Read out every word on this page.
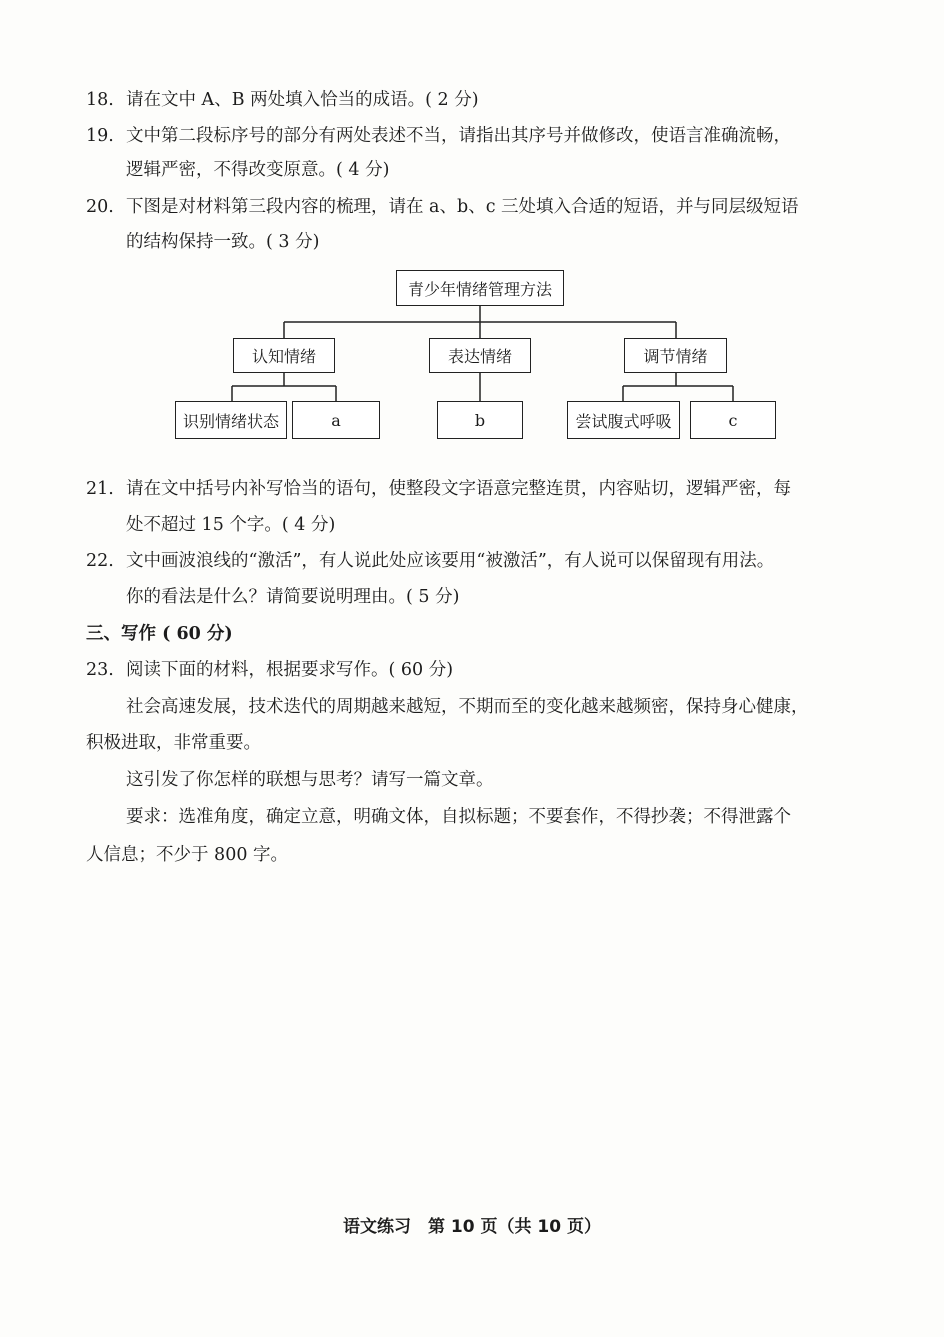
18. 请在文中 A、B 两处填入恰当的成语。( 2 分)
19. 文中第二段标序号的部分有两处表述不当，请指出其序号并做修改，使语言准确流畅，
逻辑严密，不得改变原意。( 4 分)
20. 下图是对材料第三段内容的梳理，请在 a、b、c 三处填入合适的短语，并与同层级短语
的结构保持一致。( 3 分)
青少年情绪管理方法
认知情绪	表达情绪	调节情绪
识别情绪状态	a	b	尝试腹式呼吸	c
21. 请在文中括号内补写恰当的语句，使整段文字语意完整连贯，内容贴切，逻辑严密，每
处不超过 15 个字。( 4 分)
22. 文中画波浪线的“激活”，有人说此处应该要用“被激活”，有人说可以保留现有用法。
你的看法是什么？请简要说明理由。( 5 分)
三、写作 ( 60 分)
23. 阅读下面的材料，根据要求写作。( 60 分)
社会高速发展，技术迭代的周期越来越短，不期而至的变化越来越频密，保持身心健康，
积极进取，非常重要。
这引发了你怎样的联想与思考？请写一篇文章。
要求：选准角度，确定立意，明确文体，自拟标题；不要套作，不得抄袭；不得泄露个
人信息；不少于 800 字。
语文练习　第 10 页（共 10 页）
